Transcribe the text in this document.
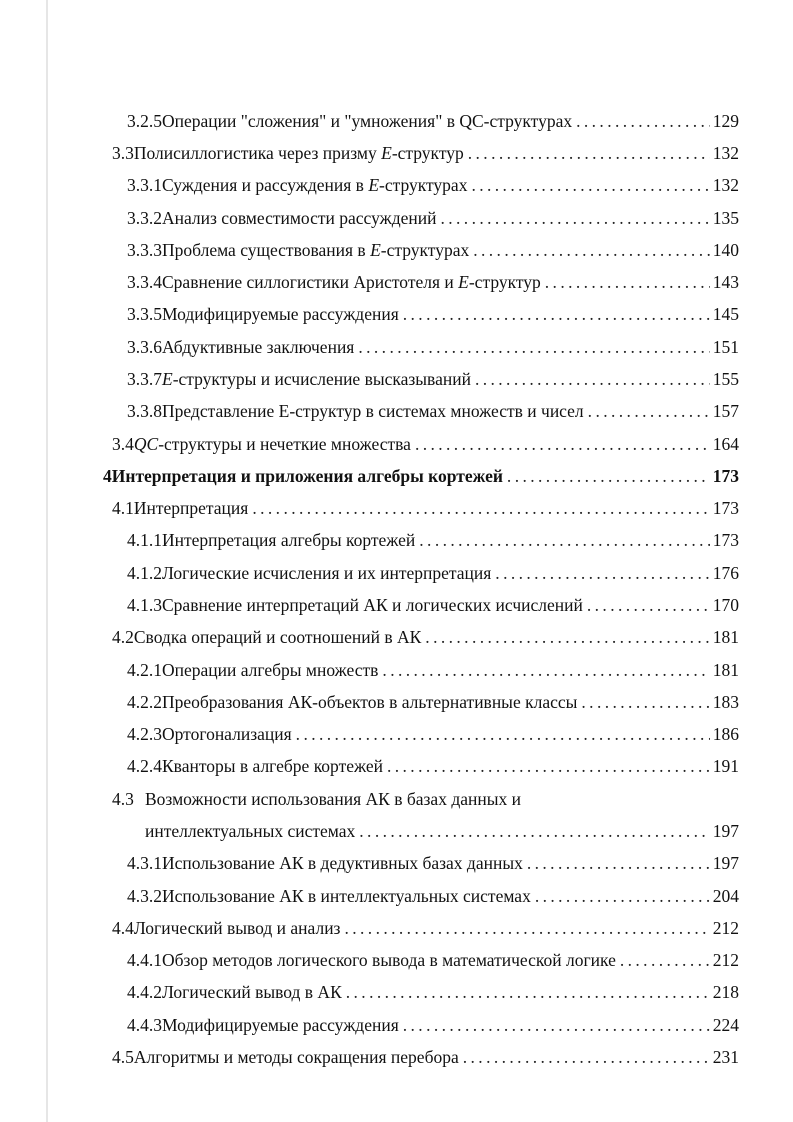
3.2.5 Операции "сложения" и "умножения" в QC-структурах .....	129
3.3 Полисиллогистика через призму E-структур .....	132
3.3.1 Суждения и рассуждения в E-структурах .....	132
3.3.2 Анализ совместимости рассуждений .....	135
3.3.3 Проблема существования в E-структурах .....	140
3.3.4 Сравнение силлогистики Аристотеля и E-структур .....	143
3.3.5 Модифицируемые рассуждения .....	145
3.3.6 Абдуктивные заключения .....	151
3.3.7 E-структуры и исчисление высказываний .....	155
3.3.8 Представление E-структур в системах множеств и чисел .....	157
3.4 QC-структуры и нечеткие множества .....	164
4 Интерпретация и приложения алгебры кортежей .....	173
4.1 Интерпретация .....	173
4.1.1 Интерпретация алгебры кортежей .....	173
4.1.2 Логические исчисления и их интерпретация .....	176
4.1.3 Сравнение интерпретаций АК и логических исчислений .....	170
4.2 Сводка операций и соотношений в АК .....	181
4.2.1 Операции алгебры множеств .....	181
4.2.2 Преобразования АК-объектов в альтернативные классы .....	183
4.2.3 Ортогонализация .....	186
4.2.4 Кванторы в алгебре кортежей .....	191
4.3 Возможности использования АК в базах данных и
интеллектуальных системах .....	197
4.3.1 Использование АК в дедуктивных базах данных .....	197
4.3.2 Использование АК в интеллектуальных системах .....	204
4.4 Логический вывод и анализ .....	212
4.4.1 Обзор методов логического вывода в математической логике .....	212
4.4.2 Логический вывод в АК .....	218
4.4.3 Модифицируемые рассуждения .....	224
4.5 Алгоритмы и методы сокращения перебора .....	231
